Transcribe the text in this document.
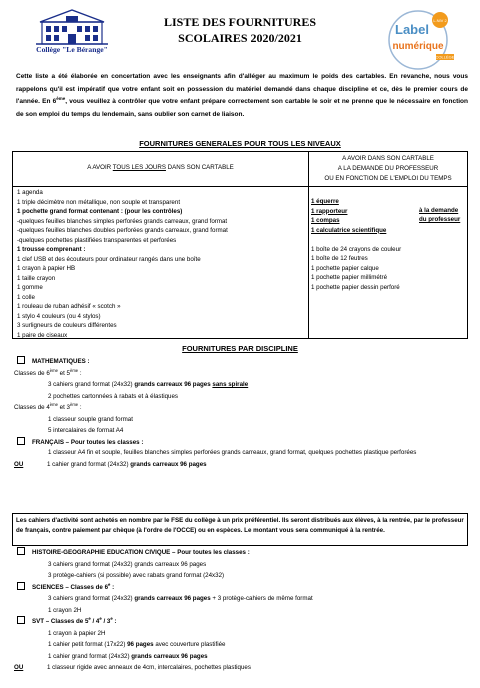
Collège "Le Bérange"
LISTE DES FOURNITURES
SCOLAIRES 2020/2021
L.NIV 2
Label
numérique
COLLÈGE
Cette liste a été élaborée en concertation avec les enseignants afin d'alléger au maximum le poids des cartables. En revanche, nous vous rappelons qu'il est impératif que votre enfant soit en possession du matériel demandé dans chaque discipline et ce, dès le premier cours de l'année. En 6ème, vous veuillez à contrôler que votre enfant prépare correctement son cartable le soir et ne prenne que le nécessaire en fonction de son emploi du temps du lendemain, sans oublier son carnet de liaison.
FOURNITURES GENERALES POUR TOUS LES NIVEAUX
A AVOIR TOUS LES JOURS DANS SON CARTABLE
A AVOIR DANS SON CARTABLE
A LA DEMANDE DU PROFESSEUR
OU EN FONCTION DE L'EMPLOI DU TEMPS
1 agenda
1 triple décimètre non métallique, non souple et transparent
1 pochette grand format contenant : (pour les contrôles)
-quelques feuilles blanches simples perforées grands carreaux, grand format
-quelques feuilles blanches doubles perforées grands carreaux, grand format
-quelques pochettes plastifiées transparentes et perforées
1 trousse comprenant :
1 clef USB et des écouteurs pour ordinateur rangés dans une boîte
1 crayon à papier HB
1 taille crayon
1 gomme
1 colle
1 rouleau de ruban adhésif « scotch »
1 stylo 4 couleurs (ou 4 stylos)
3 surligneurs de couleurs différentes
1 paire de ciseaux
1 équerre
1 rapporteur
1 compas
1 calculatrice scientifique
à la demande du professeur
1 boîte de 24 crayons de couleur
1 boîte de 12 feutres
1 pochette papier calque
1 pochette papier millimétré
1 pochette papier dessin perforé
FOURNITURES PAR DISCIPLINE
MATHEMATIQUES :
Classes de 6ème et 5ème :
3 cahiers grand format (24x32) grands carreaux 96 pages sans spirale
2 pochettes cartonnées à rabats et à élastiques
Classes de 4ème et 3ème :
1 classeur souple grand format
5 intercalaires de format A4
FRANÇAIS – Pour toutes les classes :
1 classeur A4 fin et souple, feuilles blanches simples perforées grands carreaux, grand format, quelques pochettes plastique perforées
OU	1 cahier grand format (24x32) grands carreaux 96 pages
Les cahiers d'activité sont achetés en nombre par le FSE du collège à un prix préférentiel. Ils seront distribués aux élèves, à la rentrée, par le professeur de français, contre paiement par chèque (à l'ordre de l'OCCE) ou en espèces. Le montant vous sera communiqué à la rentrée.
HISTOIRE-GEOGRAPHIE EDUCATION CIVIQUE – Pour toutes les classes :
3 cahiers grand format (24x32) grands carreaux 96 pages
3 protège-cahiers (si possible) avec rabats grand format (24x32)
SCIENCES – Classes de 6e :
3 cahiers grand format (24x32) grands carreaux 96 pages + 3 protège-cahiers de même format
1 crayon 2H
SVT – Classes de 5e / 4e / 3e :
1 crayon à papier 2H
1 cahier petit format (17x22) 96 pages avec couverture plastifiée
1 cahier grand format (24x32) grands carreaux 96 pages
OU	1 classeur rigide avec anneaux de 4cm, intercalaires, pochettes plastiques
